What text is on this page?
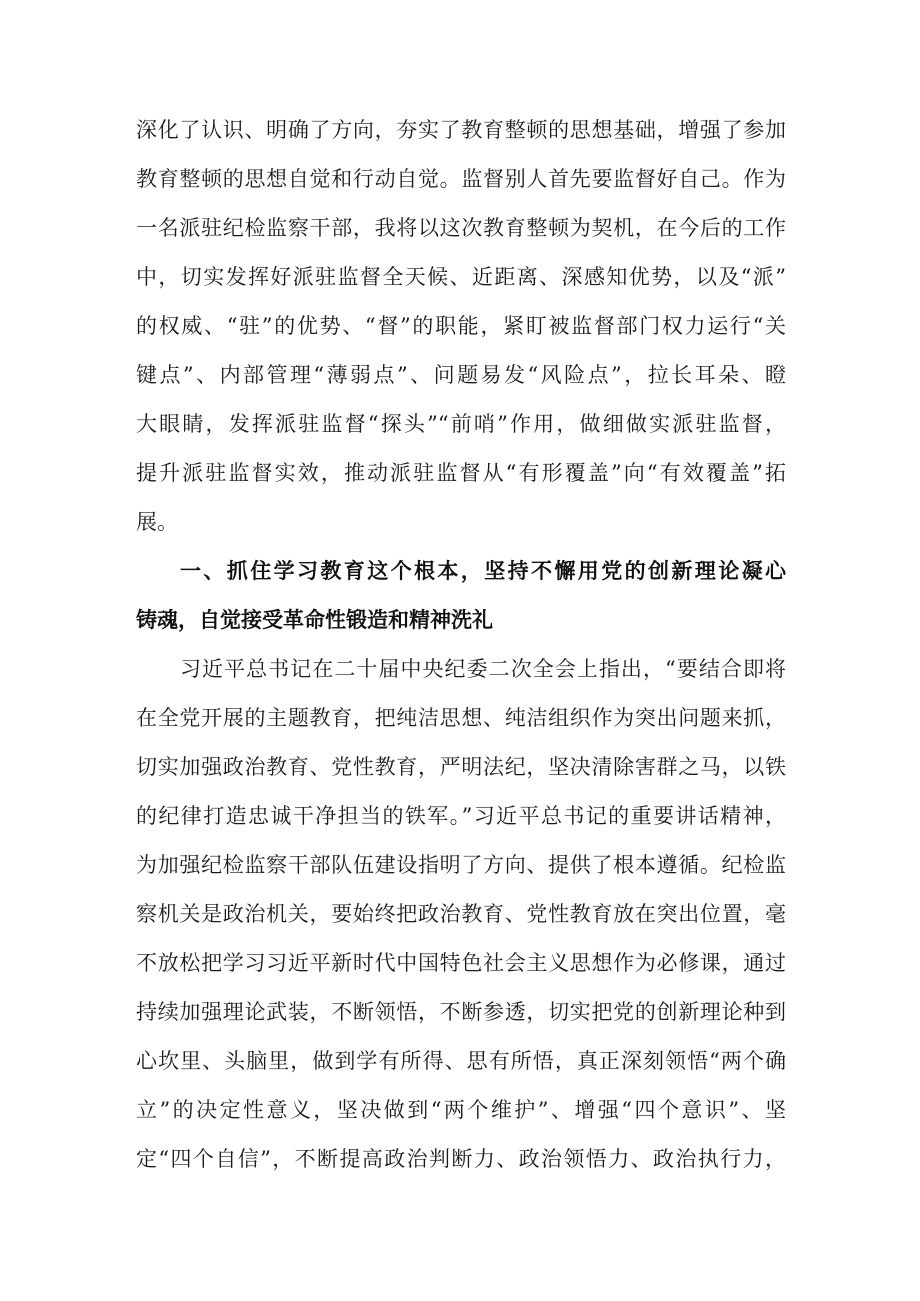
深化了认识、明确了方向，夯实了教育整顿的思想基础，增强了参加

教育整顿的思想自觉和行动自觉。监督别人首先要监督好自己。作为

一名派驻纪检监察干部，我将以这次教育整顿为契机，在今后的工作

中，切实发挥好派驻监督全天候、近距离、深感知优势，以及“派”

的权威、“驻”的优势、“督”的职能，紧盯被监督部门权力运行“关

键点”、内部管理“薄弱点”、问题易发“风险点”，拉长耳朵、瞪

大眼睛，发挥派驻监督“探头”“前哨”作用，做细做实派驻监督，

提升派驻监督实效，推动派驻监督从“有形覆盖”向“有效覆盖”拓

展。

一、抓住学习教育这个根本，坚持不懈用党的创新理论凝心

铸魂，自觉接受革命性锻造和精神洗礼

习近平总书记在二十届中央纪委二次全会上指出，“要结合即将

在全党开展的主题教育，把纯洁思想、纯洁组织作为突出问题来抓，

切实加强政治教育、党性教育，严明法纪，坚决清除害群之马，以铁

的纪律打造忠诚干净担当的铁军。”习近平总书记的重要讲话精神，

为加强纪检监察干部队伍建设指明了方向、提供了根本遵循。纪检监

察机关是政治机关，要始终把政治教育、党性教育放在突出位置，毫

不放松把学习习近平新时代中国特色社会主义思想作为必修课，通过

持续加强理论武装，不断领悟，不断参透，切实把党的创新理论种到

心坎里、头脑里，做到学有所得、思有所悟，真正深刻领悟“两个确

立”的决定性意义，坚决做到“两个维护”、增强“四个意识”、坚

定“四个自信”，不断提高政治判断力、政治领悟力、政治执行力，
